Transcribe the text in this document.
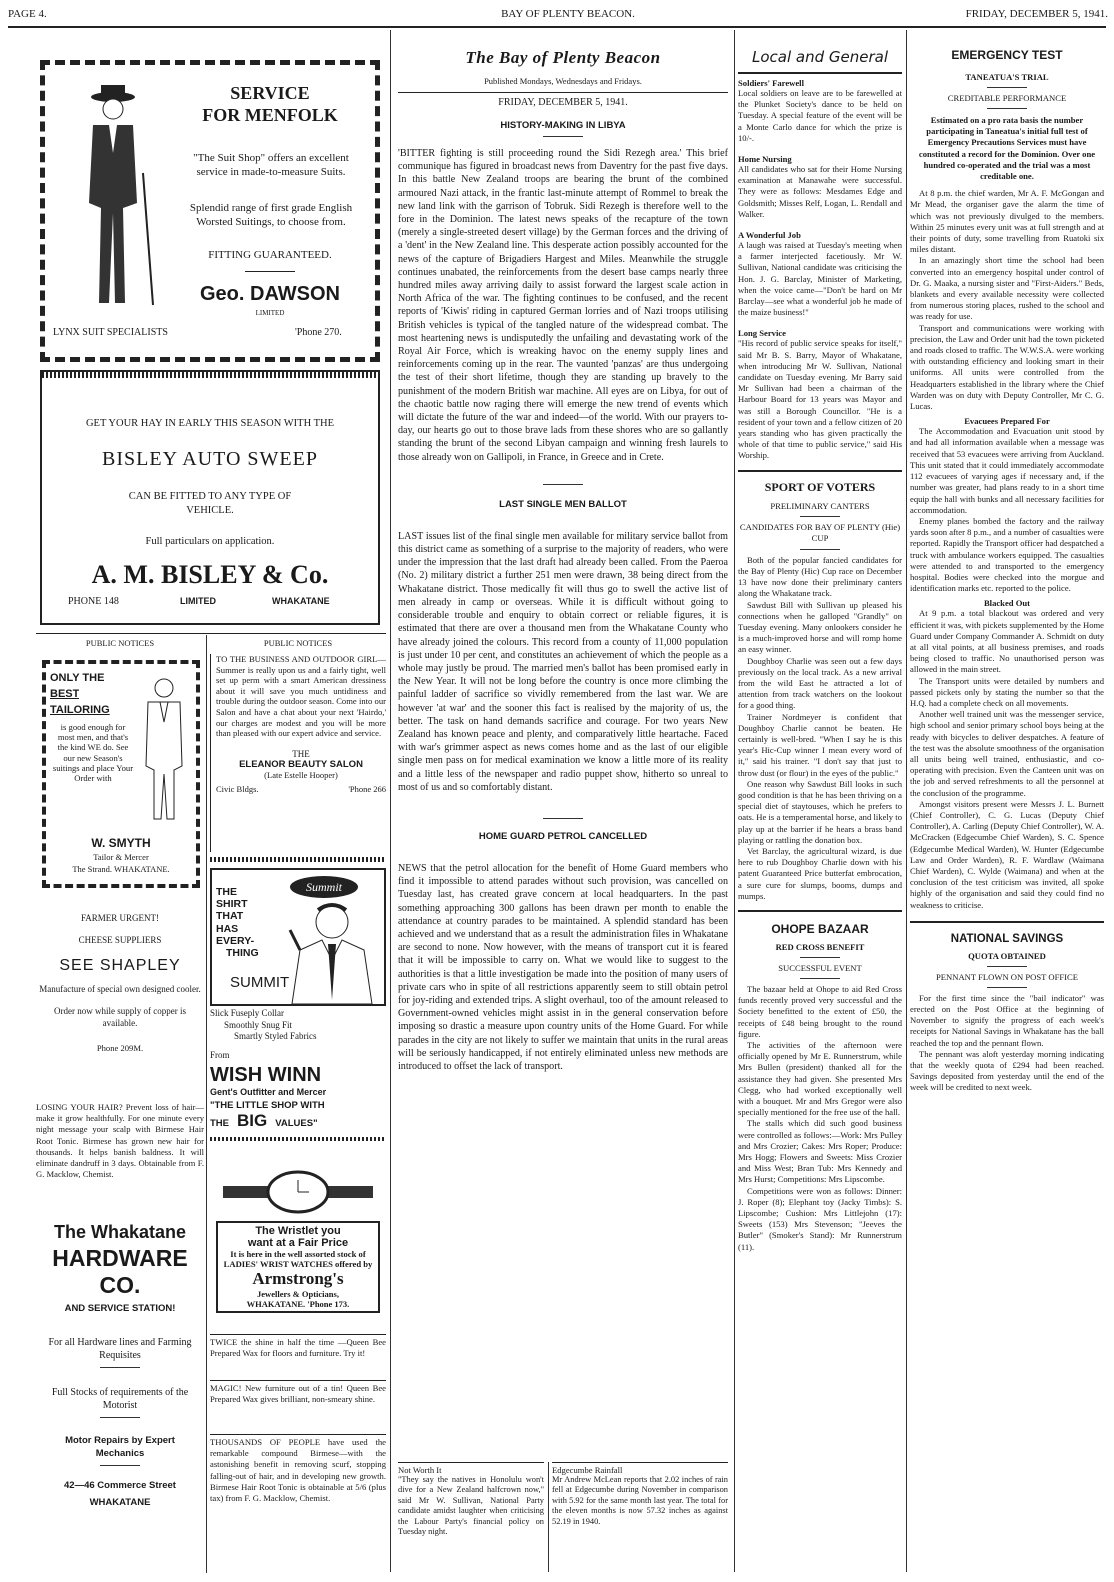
PAGE 4.	BAY OF PLENTY BEACON.	FRIDAY, DECEMBER 5, 1941.
SERVICE
FOR MENFOLK
"The Suit Shop" offers an excellent service in made-to-measure Suits.
Splendid range of first grade English Worsted Suitings, to choose from.
FITTING GUARANTEED.
Geo. DAWSON
LIMITED
LYNX SUIT SPECIALISTS	'Phone 270.
GET YOUR HAY IN EARLY THIS SEASON WITH THE
BISLEY AUTO SWEEP
CAN BE FITTED TO ANY TYPE OF VEHICLE.
Full particulars on application.
A. M. BISLEY & Co.
PHONE 148	LIMITED	WHAKATANE
PUBLIC NOTICES
ONLY THE
BEST
TAILORING
is good enough for most men, and that's the kind WE do. See our new Season's suitings and place Your Order with
W. SMYTH
Tailor & Mercer
The Strand. WHAKATANE.
FARMER URGENT!
CHEESE SUPPLIERS
SEE SHAPLEY
Manufacture of special own designed cooler.
Order now while supply of copper is available.
Phone 209M.
LOSING YOUR HAIR? Prevent loss of hair—make it grow healthfully. For one minute every night message your scalp with Birmese Hair Root Tonic. Birmese has grown new hair for thousands. It helps banish baldness. It will eliminate dandruff in 3 days. Obtainable from F. G. Macklow, Chemist.
The Whakatane
HARDWARE CO.
AND SERVICE STATION!
For all Hardware lines and Farming Requisites
Full Stocks of requirements of the Motorist
Motor Repairs by Expert Mechanics
42—46 Commerce Street
WHAKATANE
PUBLIC NOTICES
TO THE BUSINESS AND OUTDOOR GIRL—Summer is really upon us and a fairly tight, well set up perm with a smart American dressiness about it will save you much untidiness and trouble during the outdoor season. Come into our Salon and have a chat about your next 'Hairdo,' our charges are modest and you will be more than pleased with our expert advice and service.
THE
ELEANOR BEAUTY SALON
(Late Estelle Hooper)
Civic Bldgs.	'Phone 266
THE
SHIRT
THAT
HAS
EVERY-
THING
SUMMIT
Summit
Slick Fuseply Collar
Smoothly Snug Fit
Smartly Styled Fabrics
From
WISH WINN
Gent's Outfitter and Mercer
"THE LITTLE SHOP WITH
THE BIG VALUES"
The Wristlet you
want at a Fair Price
It is here in the well assorted stock of LADIES' WRIST WATCHES offered by
Armstrong's
Jewellers & Opticians,
WHAKATANE. 'Phone 173.
TWICE the shine in half the time —Queen Bee Prepared Wax for floors and furniture. Try it!
MAGIC! New furniture out of a tin! Queen Bee Prepared Wax gives brilliant, non-smeary shine.
THOUSANDS OF PEOPLE have used the remarkable compound Birmese—with the astonishing benefit in removing scurf, stopping falling-out of hair, and in developing new growth. Birmese Hair Root Tonic is obtainable at 5/6 (plus tax) from F. G. Macklow, Chemist.
The Bay of Plenty Beacon
Published Mondays, Wednesdays and Fridays.
FRIDAY, DECEMBER 5, 1941.
HISTORY-MAKING IN LIBYA
'BITTER fighting is still proceeding round the Sidi Rezegh area.' This brief communique has figured in broadcast news from Daventry for the past five days. In this battle New Zealand troops are bearing the brunt of the combined armoured Nazi attack, in the frantic last-minute attempt of Rommel to break the new land link with the garrison of Tobruk. Sidi Rezegh is therefore well to the fore in the Dominion. The latest news speaks of the recapture of the town (merely a single-streeted desert village) by the German forces and the driving of a 'dent' in the New Zealand line. This desperate action possibly accounted for the news of the capture of Brigadiers Hargest and Miles. Meanwhile the struggle continues unabated, the reinforcements from the desert base camps nearly three hundred miles away arriving daily to assist forward the largest scale action in North Africa of the war. The fighting continues to be confused, and the recent reports of 'Kiwis' riding in captured German lorries and of Nazi troops utilising British vehicles is typical of the tangled nature of the widespread combat. The most heartening news is undisputedly the unfailing and devastating work of the Royal Air Force, which is wreaking havoc on the enemy supply lines and reinforcements coming up in the rear. The vaunted 'panzas' are thus undergoing the test of their short lifetime, though they are standing up bravely to the punishment of the modern British war machine. All eyes are on Libya, for out of the chaotic battle now raging there will emerge the new trend of events which will dictate the future of the war and indeed—of the world. With our prayers to-day, our hearts go out to those brave lads from these shores who are so gallantly standing the brunt of the second Libyan campaign and winning fresh laurels to those already won on Gallipoli, in France, in Greece and in Crete.
LAST SINGLE MEN BALLOT
LAST issues list of the final single men available for military service ballot from this district came as something of a surprise to the majority of readers, who were under the impression that the last draft had already been called. From the Paeroa (No. 2) military district a further 251 men were drawn, 38 being direct from the Whakatane district. Those medically fit will thus go to swell the active list of men already in camp or overseas. While it is difficult without going to considerable trouble and enquiry to obtain correct or reliable figures, it is estimated that there are over a thousand men from the Whakatane County who have already joined the colours. This record from a county of 11,000 population is just under 10 per cent, and constitutes an achievement of which the people as a whole may justly be proud. The married men's ballot has been promised early in the New Year. It will not be long before the country is once more climbing the painful ladder of sacrifice so vividly remembered from the last war. We are however 'at war' and the sooner this fact is realised by the majority of us, the better. The task on hand demands sacrifice and courage. For two years New Zealand has known peace and plenty, and comparatively little heartache. Faced with war's grimmer aspect as news comes home and as the last of our eligible single men pass on for medical examination we know a little more of its reality and a little less of the newspaper and radio puppet show, hitherto so unreal to most of us and so comfortably distant.
HOME GUARD PETROL CANCELLED
NEWS that the petrol allocation for the benefit of Home Guard members who find it impossible to attend parades without such provision, was cancelled on Tuesday last, has created grave concern at local headquarters. In the past something approaching 300 gallons has been drawn per month to enable the attendance at country parades to be maintained. A splendid standard has been achieved and we understand that as a result the administration files in Whakatane are second to none. Now however, with the means of transport cut it is feared that it will be impossible to carry on. What we would like to suggest to the authorities is that a little investigation be made into the position of many users of private cars who in spite of all restrictions apparently seem to still obtain petrol for joy-riding and extended trips. A slight overhaul, too of the amount released to Government-owned vehicles might assist in in the general conservation before imposing so drastic a measure upon country units of the Home Guard. For while parades in the city are not likely to suffer we maintain that units in the rural areas will be seriously handicapped, if not entirely eliminated unless new methods are introduced to offset the lack of transport.
Not Worth It
"They say the natives in Honolulu won't dive for a New Zealand halfcrown now," said Mr W. Sullivan, National Party candidate amidst laughter when criticising the Labour Party's financial policy on Tuesday night.
Edgecumbe Rainfall
Mr Andrew McLean reports that 2.02 inches of rain fell at Edgecumbe during November in comparison with 5.92 for the same month last year. The total for the eleven months is now 57.32 inches as against 52.19 in 1940.
Local and General
Soldiers' Farewell
Local soldiers on leave are to be farewelled at the Plunket Society's dance to be held on Tuesday. A special feature of the event will be a Monte Carlo dance for which the prize is 10/-.
Home Nursing
All candidates who sat for their Home Nursing examination at Manawahe were successful. They were as follows: Mesdames Edge and Goldsmith; Misses Relf, Logan, L. Rendall and Walker.
A Wonderful Job
A laugh was raised at Tuesday's meeting when a farmer interjected facetiously. Mr W. Sullivan, National candidate was criticising the Hon. J. G. Barclay, Minister of Marketing, when the voice came—"Don't be hard on Mr Barclay—see what a wonderful job he made of the maize business!"
Long Service
"His record of public service speaks for itself," said Mr B. S. Barry, Mayor of Whakatane, when introducing Mr W. Sullivan, National candidate on Tuesday evening. Mr Barry said Mr Sullivan had been a chairman of the Harbour Board for 13 years was Mayor and was still a Borough Councillor. "He is a resident of your town and a fellow citizen of 20 years standing who has given practically the whole of that time to public service," said His Worship.
SPORT OF VOTERS
PRELIMINARY CANTERS
CANDIDATES FOR BAY OF PLENTY (Hie) CUP

Both of the popular fancied candidates for the Bay of Plenty (Hic) Cup race on December 13 have now done their preliminary canters along the Whakatane track.

Sawdust Bill with Sullivan up pleased his connections when he galloped "Grandly" on Tuesday evening. Many onlookers consider he is a much-improved horse and will romp home an easy winner.

Doughboy Charlie was seen out a few days previously on the local track. As a new arrival from the wild East he attracted a lot of attention from track watchers on the lookout for a good thing.

Trainer Nordmeyer is confident that Doughboy Charlie cannot be beaten. He certainly is well-bred. "When I say he is this year's Hic-Cup winner I mean every word of it," said his trainer. "I don't say that just to throw dust (or flour) in the eyes of the public."

One reason why Sawdust Bill looks in such good condition is that he has been thriving on a special diet of staytouses, which he prefers to oats. He is a temperamental horse, and likely to play up at the barrier if he hears a brass band playing or rattling the donation box.

Vet Barclay, the agricultural wizard, is due here to rub Doughboy Charlie down with his patent Guaranteed Price butterfat embrocation, a sure cure for slumps, booms, dumps and mumps.

OHOPE BAZAAR
RED CROSS BENEFIT
SUCCESSFUL EVENT

The bazaar held at Ohope to aid Red Cross funds recently proved very successful and the Society benefitted to the extent of £50, the receipts of £48 being brought to the round figure.

The activities of the afternoon were officially opened by Mr E. Runnerstrum, while Mrs Bullen (president) thanked all for the assistance they had given. She presented Mrs Clegg, who had worked exceptionally well with a bouquet. Mr and Mrs Gregor were also specially mentioned for the free use of the hall.

The stalls which did such good business were controlled as follows:—Work: Mrs Pulley and Mrs Crozier; Cakes: Mrs Roper; Produce: Mrs Hogg; Flowers and Sweets: Miss Crozier and Miss West; Bran Tub: Mrs Kennedy and Mrs Hurst; Competitions: Mrs Lipscombe.

Competitions were won as follows: Dinner: J. Roper (8); Elephant toy (Jacky Timbs): S. Lipscombe; Cushion: Mrs Littlejohn (17): Sweets (153) Mrs Stevenson; "Jeeves the Butler" (Smoker's Stand): Mr Runnerstrum (11).

EMERGENCY TEST
TANEATUA'S TRIAL
CREDITABLE PERFORMANCE
Estimated on a pro rata basis the number participating in Taneatua's initial full test of Emergency Precautions Services must have constituted a record for the Dominion. Over one hundred co-operated and the trial was a most creditable one.

At 8 p.m. the chief warden, Mr A. F. McGongan and Mr Mead, the organiser gave the alarm the time of which was not previously divulged to the members. Within 25 minutes every unit was at full strength and at their points of duty, some travelling from Ruatoki six miles distant.

In an amazingly short time the school had been converted into an emergency hospital under control of Dr. G. Maaka, a nursing sister and "First-Aiders." Beds, blankets and every available necessity were collected from numerous storing places, rushed to the school and was ready for use.

Transport and communications were working with precision, the Law and Order unit had the town picketed and roads closed to traffic. The W.W.S.A. were working with outstanding efficiency and looking smart in their uniforms. All units were controlled from the Headquarters established in the library where the Chief Warden was on duty with Deputy Controller, Mr C. G. Lucas.

Evacuees Prepared For

The Accommodation and Evacuation unit stood by and had all information available when a message was received that 53 evacuees were arriving from Auckland. This unit stated that it could immediately accommodate 112 evacuees of varying ages if necessary and, if the number was greater, had plans ready to in a short time equip the hall with bunks and all necessary facilities for accommodation.

Enemy planes bombed the factory and the railway yards soon after 8 p.m., and a number of casualties were reported. Rapidly the Transport officer had despatched a truck with ambulance workers equipped. The casualties were attended to and transported to the emergency hospital. Bodies were checked into the morgue and identification marks etc. reported to the police.

Blacked Out

At 9 p.m. a total blackout was ordered and very efficient it was, with pickets supplemented by the Home Guard under Company Commander A. Schmidt on duty at all vital points, at all business premises, and roads being closed to traffic. No unauthorised person was allowed in the main street.

The Transport units were detailed by numbers and passed pickets only by stating the number so that the H.Q. had a complete check on all movements.

Another well trained unit was the messenger service, high school and senior primary school boys being at the ready with bicycles to deliver despatches. A feature of the test was the absolute smoothness of the organisation all units being well trained, enthusiastic, and co-operating with precision. Even the Canteen unit was on the job and served refreshments to all the personnel at the conclusion of the programme.

Amongst visitors present were Messrs J. L. Burnett (Chief Controller), C. G. Lucas (Deputy Chief Controller), A. Carling (Deputy Chief Controller), W. A. McCracken (Edgecumbe Chief Warden), S. C. Spence (Edgecumbe Medical Warden), W. Hunter (Edgecumbe Law and Order Warden), R. F. Wardlaw (Waimana Chief Warden), C. Wylde (Waimana) and when at the conclusion of the test criticism was invited, all spoke highly of the organisation and said they could find no weakness to criticise.

NATIONAL SAVINGS
QUOTA OBTAINED
PENNANT FLOWN ON POST OFFICE

For the first time since the "bail indicator" was erected on the Post Office at the beginning of November to signify the progress of each week's receipts for National Savings in Whakatane has the ball reached the top and the pennant flown.

The pennant was aloft yesterday morning indicating that the weekly quota of £294 had been reached. Savings deposited from yesterday until the end of the week will be credited to next week.
